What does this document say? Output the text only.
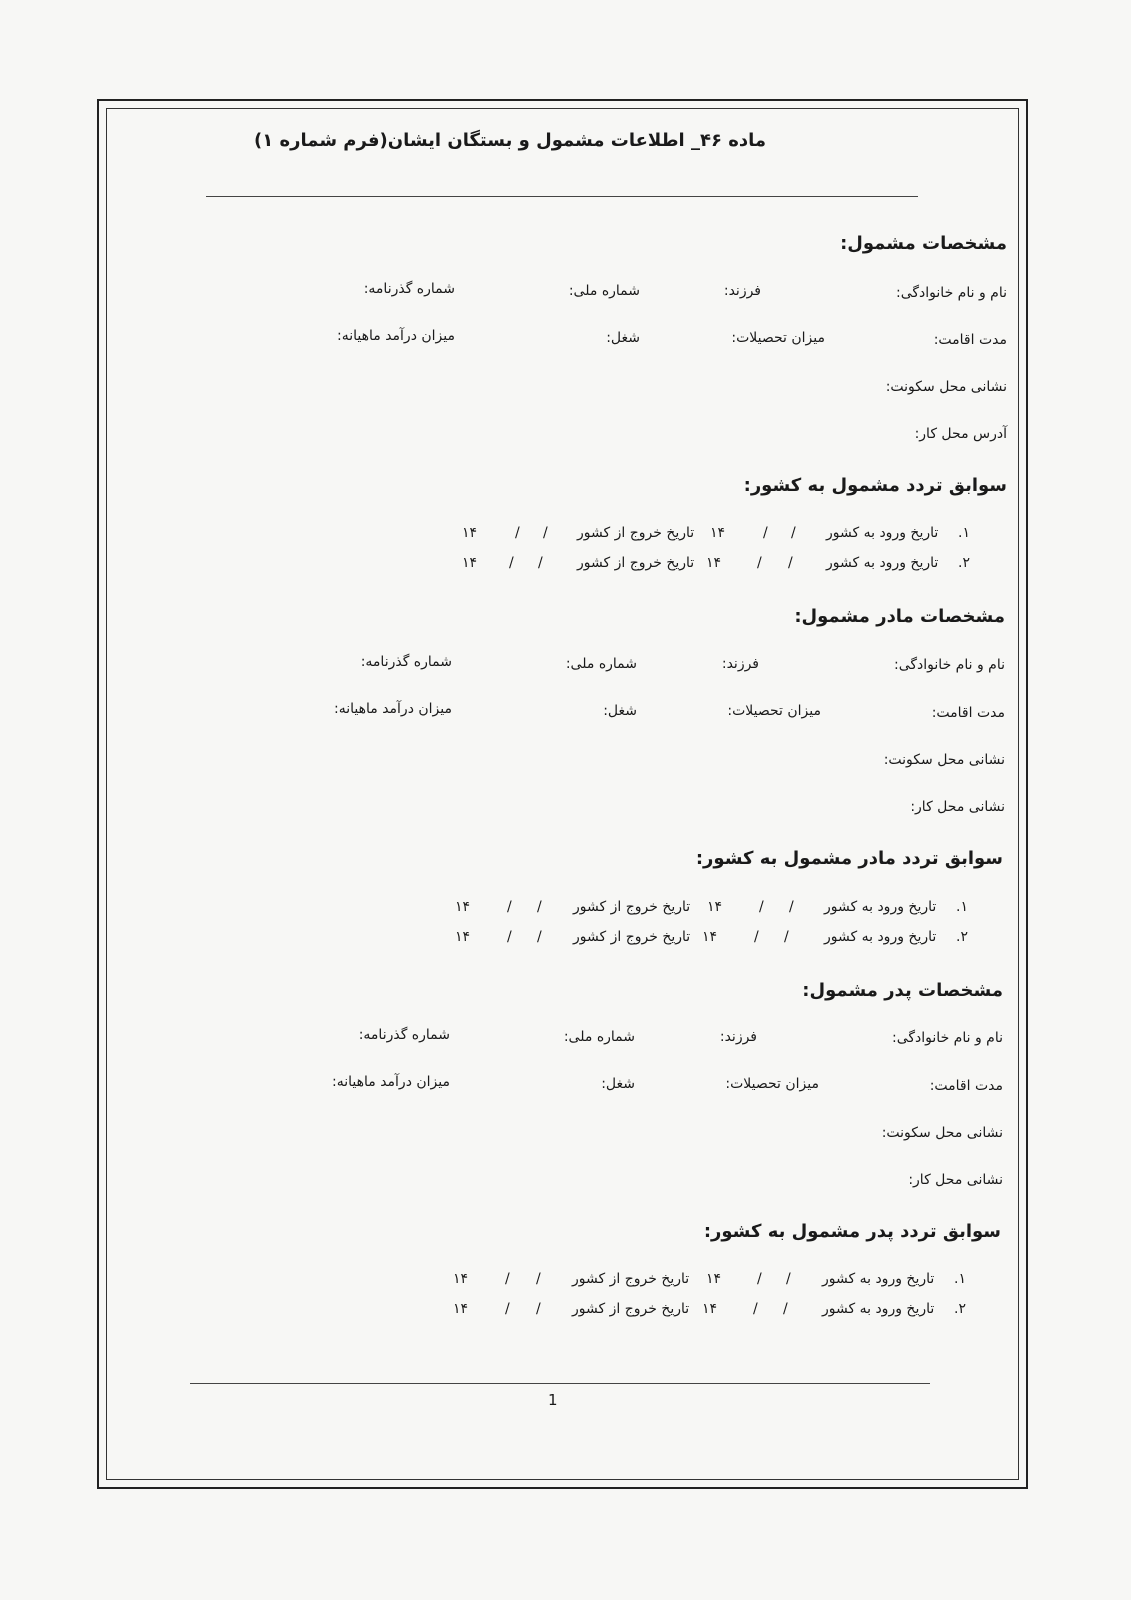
ماده ۴۶_ اطلاعات مشمول و بستگان ایشان(فرم شماره ۱)
مشخصات مشمول:
نام و نام خانوادگی:
فرزند:
شماره ملی:
شماره گذرنامه:
مدت اقامت:
میزان تحصیلات:
شغل:
میزان درآمد ماهیانه:
نشانی محل سکونت:
آدرس محل کار:
سوابق تردد مشمول به کشور:
.۱
تاریخ ورود به کشور
/
/
۱۴
تاریخ خروج از کشور
/
/
۱۴
.۲
تاریخ ورود به کشور
/
/
۱۴
تاریخ خروج از کشور
/
/
۱۴
مشخصات مادر مشمول:
نام و نام خانوادگی:
فرزند:
شماره ملی:
شماره گذرنامه:
مدت اقامت:
میزان تحصیلات:
شغل:
میزان درآمد ماهیانه:
نشانی محل سکونت:
نشانی محل کار:
سوابق تردد مادر مشمول به کشور:
.۱
تاریخ ورود به کشور
/
/
۱۴
تاریخ خروج از کشور
/
/
۱۴
.۲
تاریخ ورود به کشور
/
/
۱۴
تاریخ خروج از کشور
/
/
۱۴
مشخصات پدر مشمول:
نام و نام خانوادگی:
فرزند:
شماره ملی:
شماره گذرنامه:
مدت اقامت:
میزان تحصیلات:
شغل:
میزان درآمد ماهیانه:
نشانی محل سکونت:
نشانی محل کار:
سوابق تردد پدر مشمول به کشور:
.۱
تاریخ ورود به کشور
/
/
۱۴
تاریخ خروج از کشور
/
/
۱۴
.۲
تاریخ ورود به کشور
/
/
۱۴
تاریخ خروج از کشور
/
/
۱۴
1
